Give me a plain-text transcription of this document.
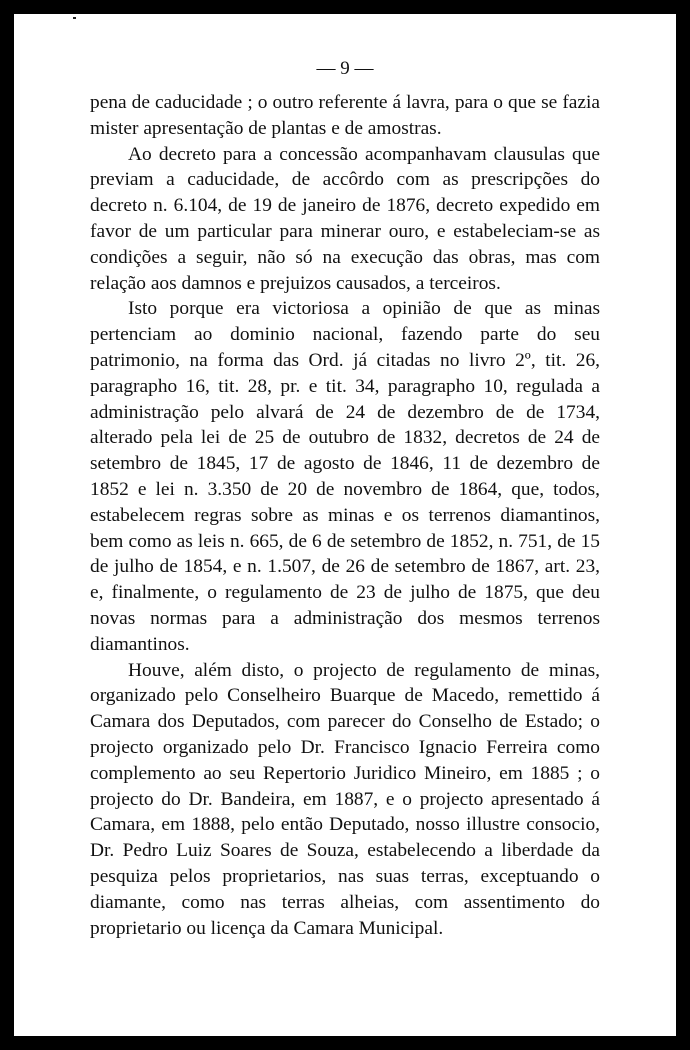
— 9 —

pena de caducidade ; o outro referente á lavra, para o que se fazia mister apresentação de plantas e de amostras.

Ao decreto para a concessão acompanhavam clausulas que previam a caducidade, de accôrdo com as prescripções do decreto n. 6.104, de 19 de janeiro de 1876, decreto expedido em favor de um particular para minerar ouro, e estabeleciam-se as condições a seguir, não só na execução das obras, mas com relação aos damnos e prejuizos causados, a terceiros.

Isto porque era victoriosa a opinião de que as minas pertenciam ao dominio nacional, fazendo parte do seu patrimonio, na forma das Ord. já citadas no livro 2º, tit. 26, paragrapho 16, tit. 28, pr. e tit. 34, paragrapho 10, regulada a administração pelo alvará de 24 de dezembro de de 1734, alterado pela lei de 25 de outubro de 1832, decretos de 24 de setembro de 1845, 17 de agosto de 1846, 11 de dezembro de 1852 e lei n. 3.350 de 20 de novembro de 1864, que, todos, estabelecem regras sobre as minas e os terrenos diamantinos, bem como as leis n. 665, de 6 de setembro de 1852, n. 751, de 15 de julho de 1854, e n. 1.507, de 26 de setembro de 1867, art. 23, e, finalmente, o regulamento de 23 de julho de 1875, que deu novas normas para a administração dos mesmos terrenos diamantinos.

Houve, além disto, o projecto de regulamento de minas, organizado pelo Conselheiro Buarque de Macedo, remettido á Camara dos Deputados, com parecer do Conselho de Estado; o projecto organizado pelo Dr. Francisco Ignacio Ferreira como complemento ao seu Repertorio Juridico Mineiro, em 1885 ; o projecto do Dr. Bandeira, em 1887, e o projecto apresentado á Camara, em 1888, pelo então Deputado, nosso illustre consocio, Dr. Pedro Luiz Soares de Souza, estabelecendo a liberdade da pesquiza pelos proprietarios, nas suas terras, exceptuando o diamante, como nas terras alheias, com assentimento do proprietario ou licença da Camara Municipal.
